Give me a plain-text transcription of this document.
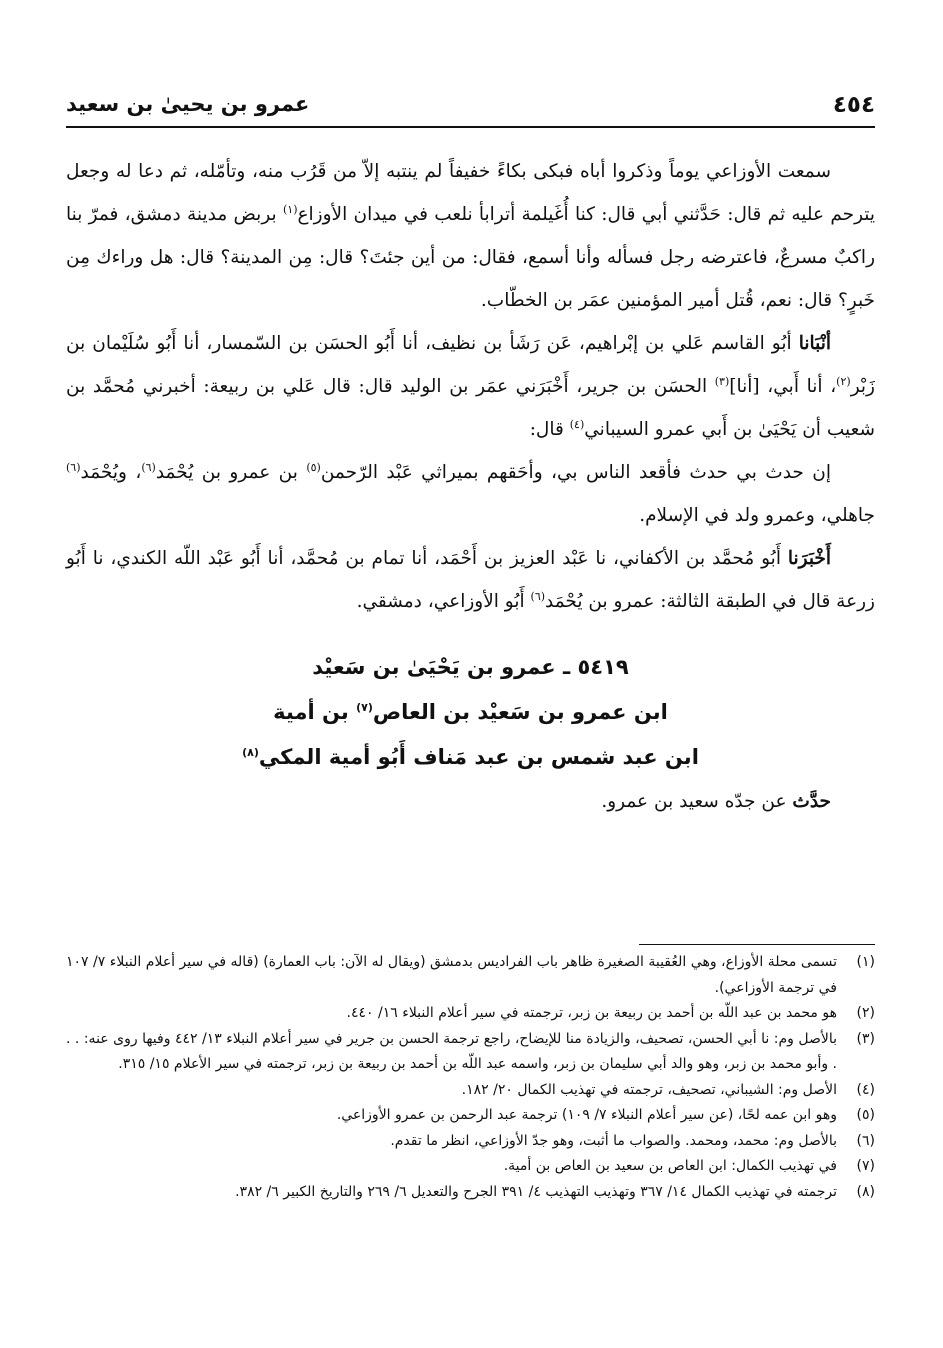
٤٥٤
عمرو بن يحيىٰ بن سعيد

سمعت الأوزاعي يوماً وذكروا أباه فبكى بكاءً خفيفاً لم ينتبه إلاّ من قَرُب منه، وتأمّله، ثم دعا له وجعل يترحم عليه ثم قال: حَدَّثني أبي قال: كنا أُغَيلمة أترابأ نلعب في ميدان الأوزاع$^{(١)}$ بربض مدينة دمشق، فمرّ بنا راكبٌ مسرعٌ، فاعترضه رجل فسأله وأنا أسمع، فقال: من أين جئتَ؟ قال: مِن المدينة؟ قال: هل وراءك مِن خَبرٍ؟ قال: نعم، قُتل أمير المؤمنين عمَر بن الخطّاب.

أنْبَانا أبُو القاسم عَلي بن إبْراهيم، عَن رَشَأ بن نظيف، أنا أَبُو الحسَن بن السّمسار، أنا أَبُو سُلَيْمان بن زَبْر$^{(٢)}$، أنا أَبي، [أنا]$^{(٣)}$ الحسَن بن جرير، أَخْبَرَني عمَر بن الوليد قال: قال عَلي بن ربيعة: أخبرني مُحمَّد بن شعيب أن يَحْيَىٰ بن أَبي عمرو السيباني$^{(٤)}$ قال:

إن حدث بي حدث فأقعد الناس بي، وأحَقهم بميراثي عَبْد الرّحمن$^{(٥)}$ بن عمرو بن يُحْمَد$^{(٦)}$، ويُحْمَد$^{(٦)}$ جاهلي، وعمرو ولد في الإسلام.

أَخْبَرَنا أَبُو مُحمَّد بن الأكفاني، نا عَبْد العزيز بن أَحْمَد، أنا تمام بن مُحمَّد، أنا أَبُو عَبْد اللّه الكندي، نا أَبُو زرعة قال في الطبقة الثالثة: عمرو بن يُحْمَد$^{(٦)}$ أَبُو الأوزاعي، دمشقي.

٥٤١٩ ـ عمرو بن يَحْيَىٰ بن سَعيْد
ابن عمرو بن سَعيْد بن العاص$^{(٧)}$ بن أمية
ابن عبد شمس بن عبد مَناف أَبُو أمية المكي$^{(٨)}$

حدَّث عن جدّه سعيد بن عمرو.

(١)
تسمى محلة الأوزاع، وهي العُقيبة الصغيرة ظاهر باب الفراديس بدمشق (ويقال له الآن: باب العمارة) (قاله في سير أعلام النبلاء ٧/ ١٠٧ في ترجمة الأوزاعي).
(٢)
هو محمد بن عبد اللّه بن أحمد بن ربيعة بن زبر، ترجمته في سير أعلام النبلاء ١٦/ ٤٤٠.
(٣)
بالأصل وم: نا أبي الحسن، تصحيف، والزيادة منا للإيضاح، راجع ترجمة الحسن بن جرير في سير أعلام النبلاء ١٣/ ٤٤٢ وفيها روى عنه: . . . وأبو محمد بن زبر، وهو والد أبي سليمان بن زبر، واسمه عبد اللّه بن أحمد بن ربيعة بن زبر، ترجمته في سير الأعلام ١٥/ ٣١٥.
(٤)
الأصل وم: الشيباني، تصحيف، ترجمته في تهذيب الكمال ٢٠/ ١٨٢.
(٥)
وهو ابن عمه لحًا، (عن سير أعلام النبلاء ٧/ ١٠٩) ترجمة عبد الرحمن بن عمرو الأوزاعي.
(٦)
بالأصل وم: محمد، ومحمد. والصواب ما أثبت، وهو جدّ الأوزاعي، انظر ما تقدم.
(٧)
في تهذيب الكمال: ابن العاص بن سعيد بن العاص بن أمية.
(٨)
ترجمته في تهذيب الكمال ١٤/ ٣٦٧ وتهذيب التهذيب ٤/ ٣٩١ الجرح والتعديل ٦/ ٢٦٩ والتاريخ الكبير ٦/ ٣٨٢.
